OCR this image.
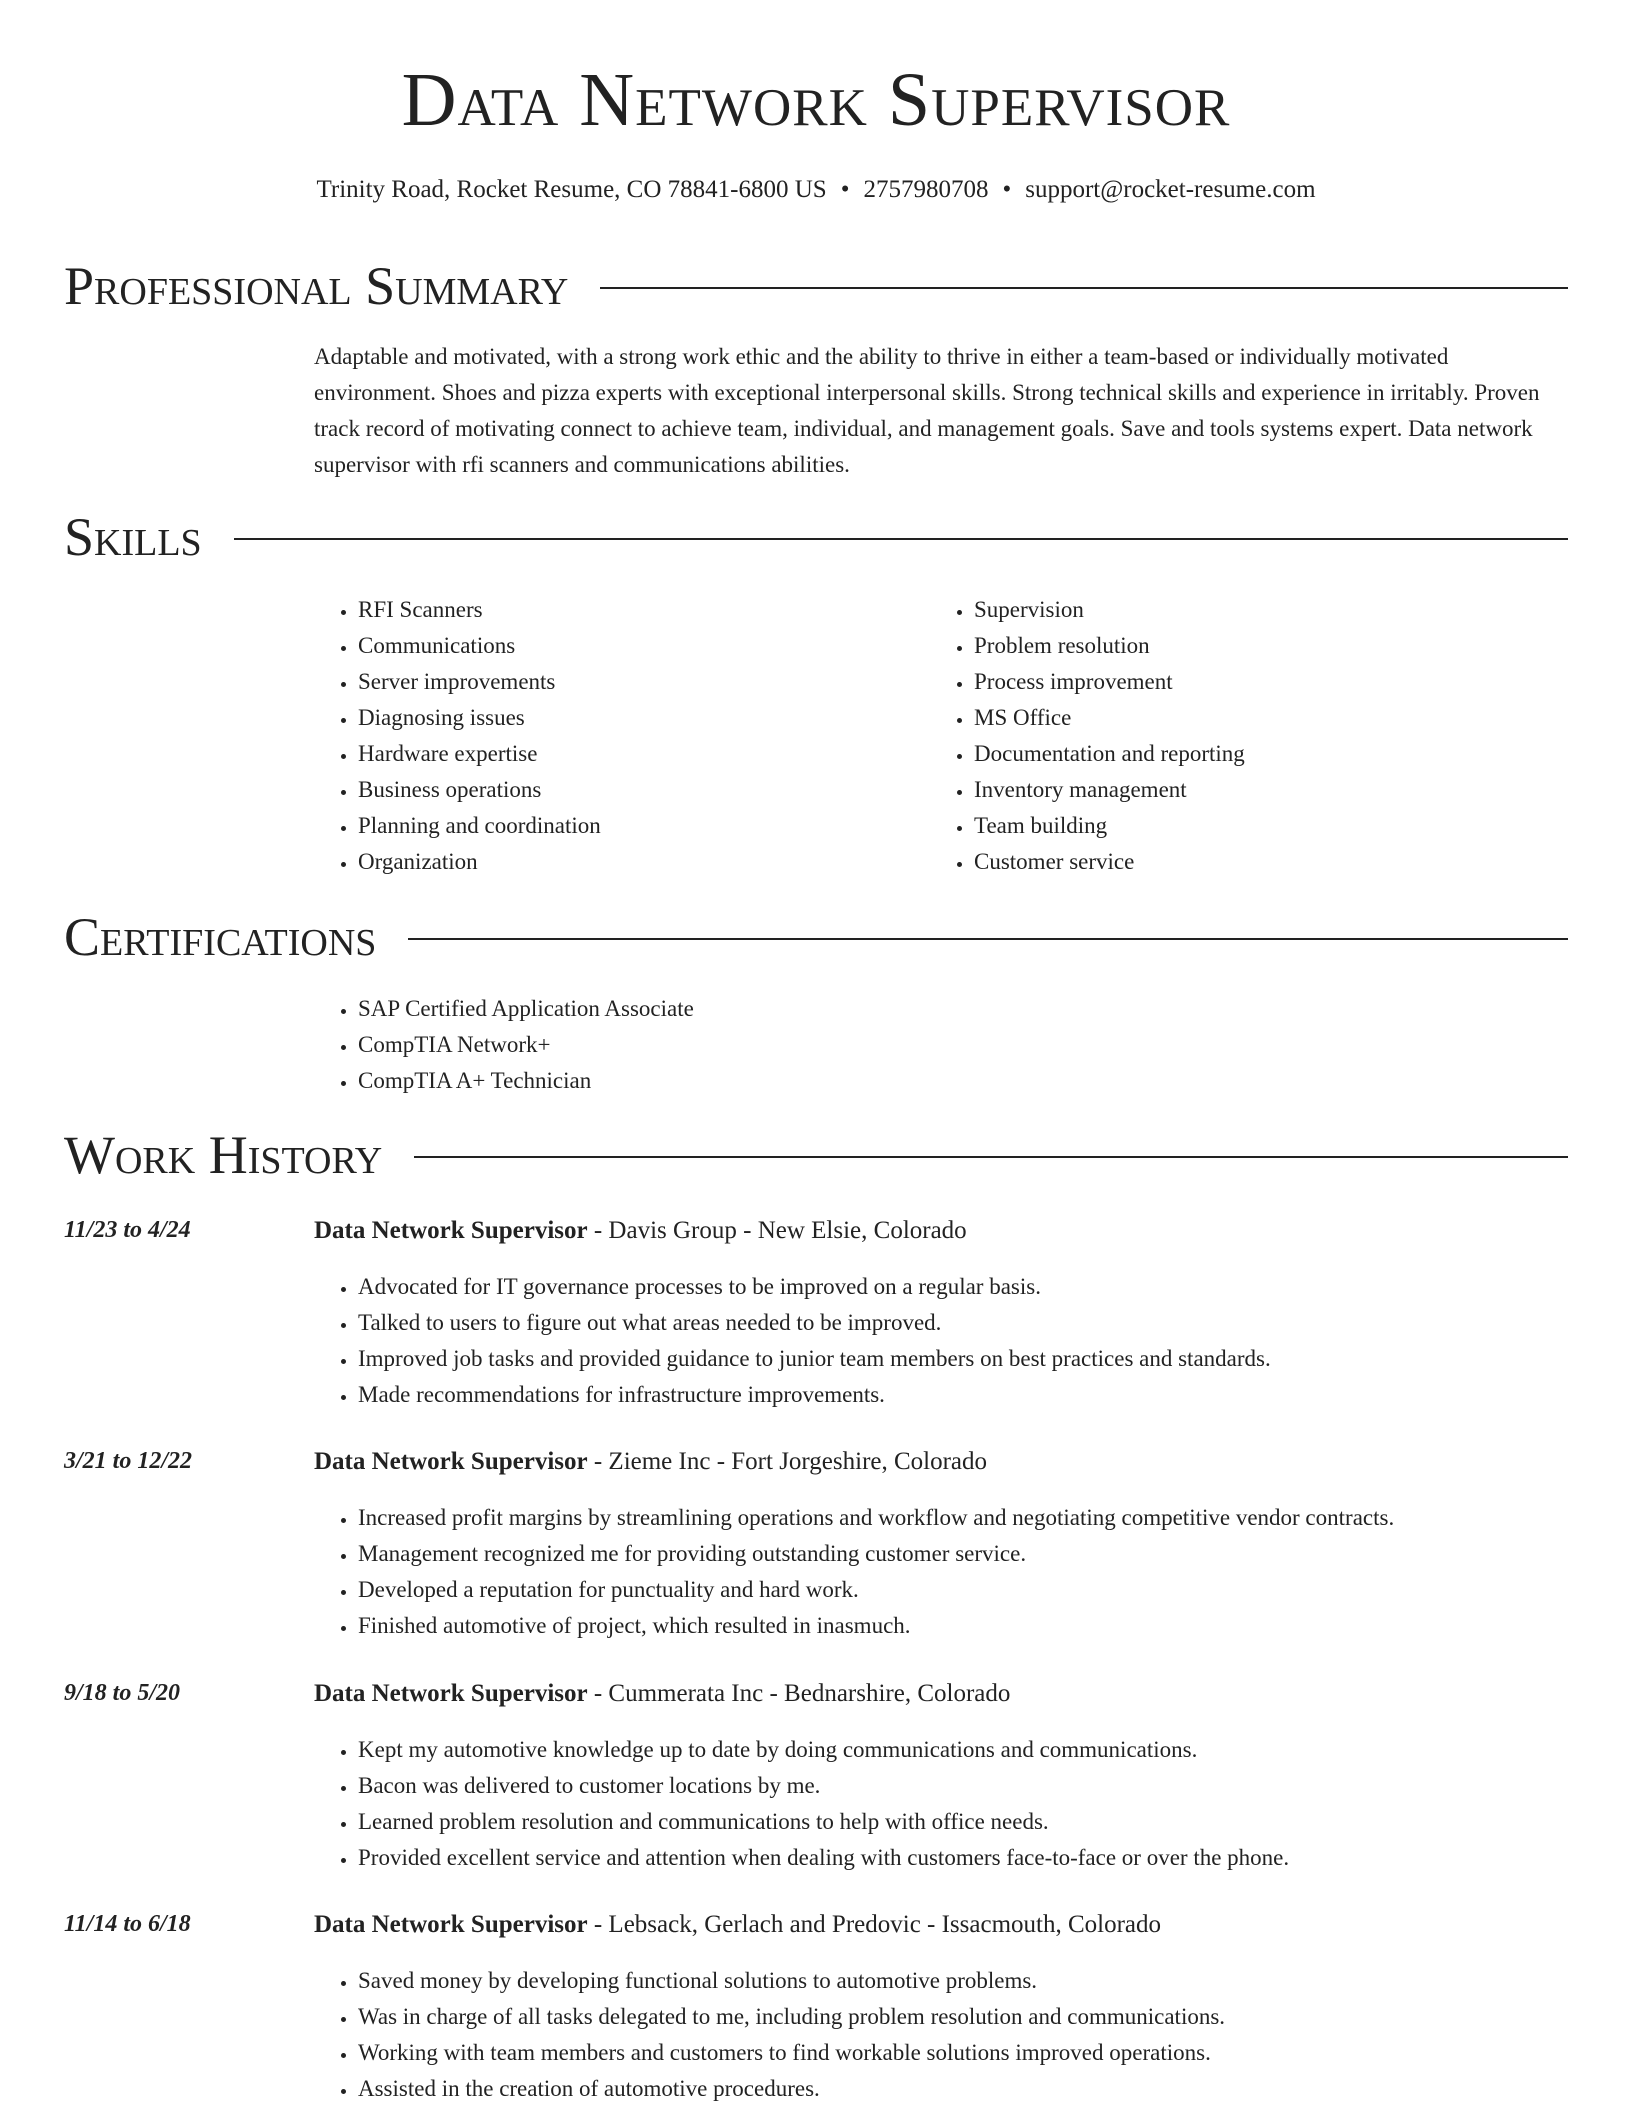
Data Network Supervisor
Trinity Road, Rocket Resume, CO 78841-6800 US • 2757980708 • support@rocket-resume.com
Professional Summary

Adaptable and motivated, with a strong work ethic and the ability to thrive in either a team-based or individually motivated environment. Shoes and pizza experts with exceptional interpersonal skills. Strong technical skills and experience in irritably. Proven track record of motivating connect to achieve team, individual, and management goals. Save and tools systems expert. Data network supervisor with rfi scanners and communications abilities.

Skills
• RFI Scanners
• Communications
• Server improvements
• Diagnosing issues
• Hardware expertise
• Business operations
• Planning and coordination
• Organization
• Supervision
• Problem resolution
• Process improvement
• MS Office
• Documentation and reporting
• Inventory management
• Team building
• Customer service
Certifications
• SAP Certified Application Associate
• CompTIA Network+
• CompTIA A+ Technician
Work History
11/23 to 4/24	Data Network Supervisor - Davis Group - New Elsie, Colorado
• Advocated for IT governance processes to be improved on a regular basis.
• Talked to users to figure out what areas needed to be improved.
• Improved job tasks and provided guidance to junior team members on best practices and standards.
• Made recommendations for infrastructure improvements.
3/21 to 12/22	Data Network Supervisor - Zieme Inc - Fort Jorgeshire, Colorado
• Increased profit margins by streamlining operations and workflow and negotiating competitive vendor contracts.
• Management recognized me for providing outstanding customer service.
• Developed a reputation for punctuality and hard work.
• Finished automotive of project, which resulted in inasmuch.
9/18 to 5/20	Data Network Supervisor - Cummerata Inc - Bednarshire, Colorado
• Kept my automotive knowledge up to date by doing communications and communications.
• Bacon was delivered to customer locations by me.
• Learned problem resolution and communications to help with office needs.
• Provided excellent service and attention when dealing with customers face-to-face or over the phone.
11/14 to 6/18	Data Network Supervisor - Lebsack, Gerlach and Predovic - Issacmouth, Colorado
• Saved money by developing functional solutions to automotive problems.
• Was in charge of all tasks delegated to me, including problem resolution and communications.
• Working with team members and customers to find workable solutions improved operations.
• Assisted in the creation of automotive procedures.
